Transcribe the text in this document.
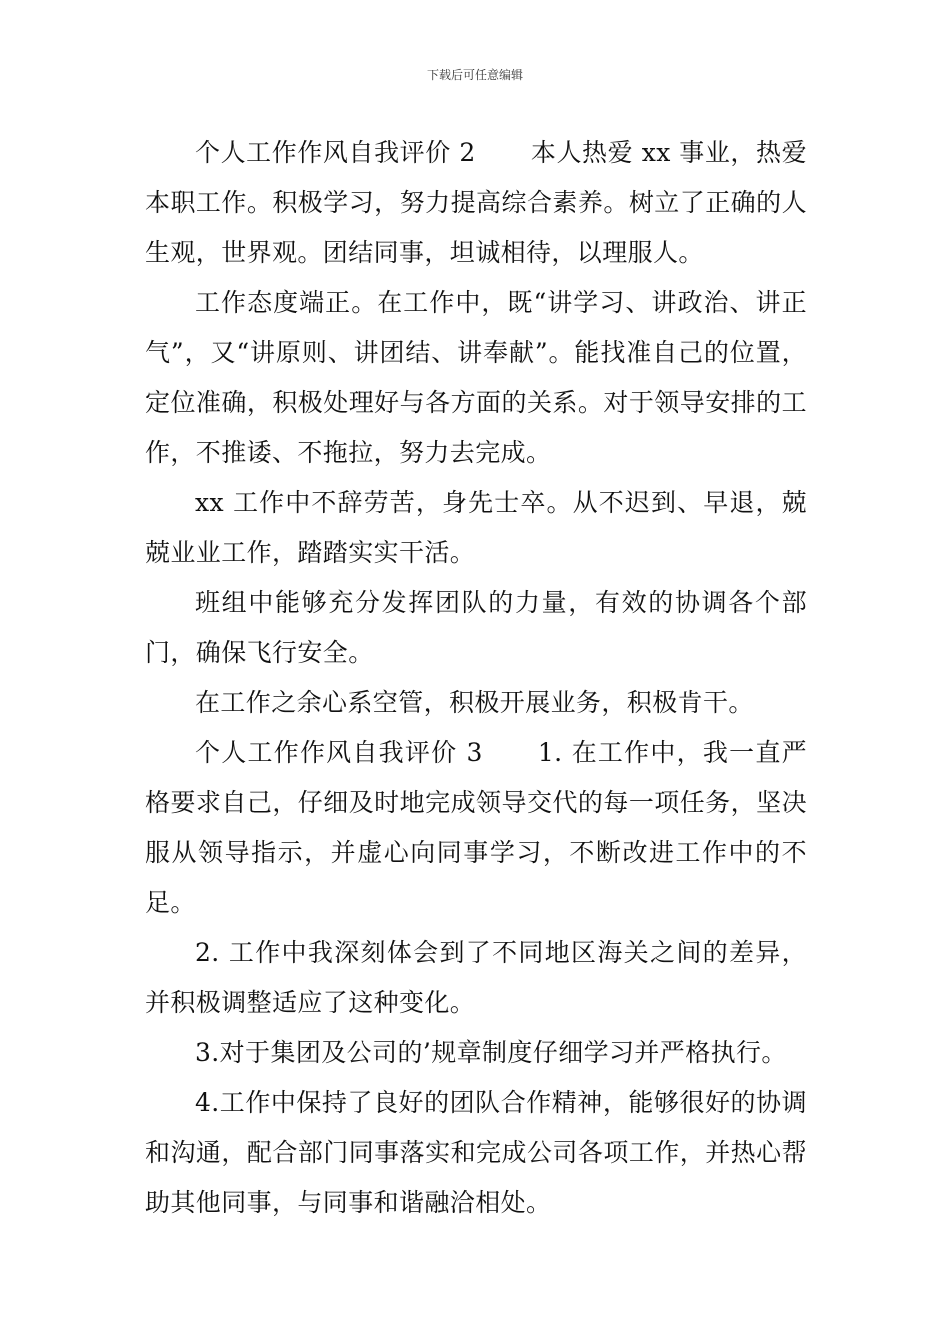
下载后可任意编辑

个人工作作风自我评价 2 本人热爱 xx 事业，热爱本职工作。积极学习，努力提高综合素养。树立了正确的人生观，世界观。团结同事，坦诚相待，以理服人。

工作态度端正。在工作中，既“讲学习、讲政治、讲正气”，又“讲原则、讲团结、讲奉献”。能找准自己的位置，定位准确，积极处理好与各方面的关系。对于领导安排的工作，不推诿、不拖拉，努力去完成。

xx 工作中不辞劳苦，身先士卒。从不迟到、早退，兢兢业业工作，踏踏实实干活。

班组中能够充分发挥团队的力量，有效的协调各个部门，确保飞行安全。

在工作之余心系空管，积极开展业务，积极肯干。

个人工作作风自我评价 3 1. 在工作中，我一直严格要求自己，仔细及时地完成领导交代的每一项任务，坚决服从领导指示，并虚心向同事学习，不断改进工作中的不足。

2. 工作中我深刻体会到了不同地区海关之间的差异，并积极调整适应了这种变化。

3.对于集团及公司的’规章制度仔细学习并严格执行。

4.工作中保持了良好的团队合作精神，能够很好的协调和沟通，配合部门同事落实和完成公司各项工作，并热心帮助其他同事，与同事和谐融洽相处。
